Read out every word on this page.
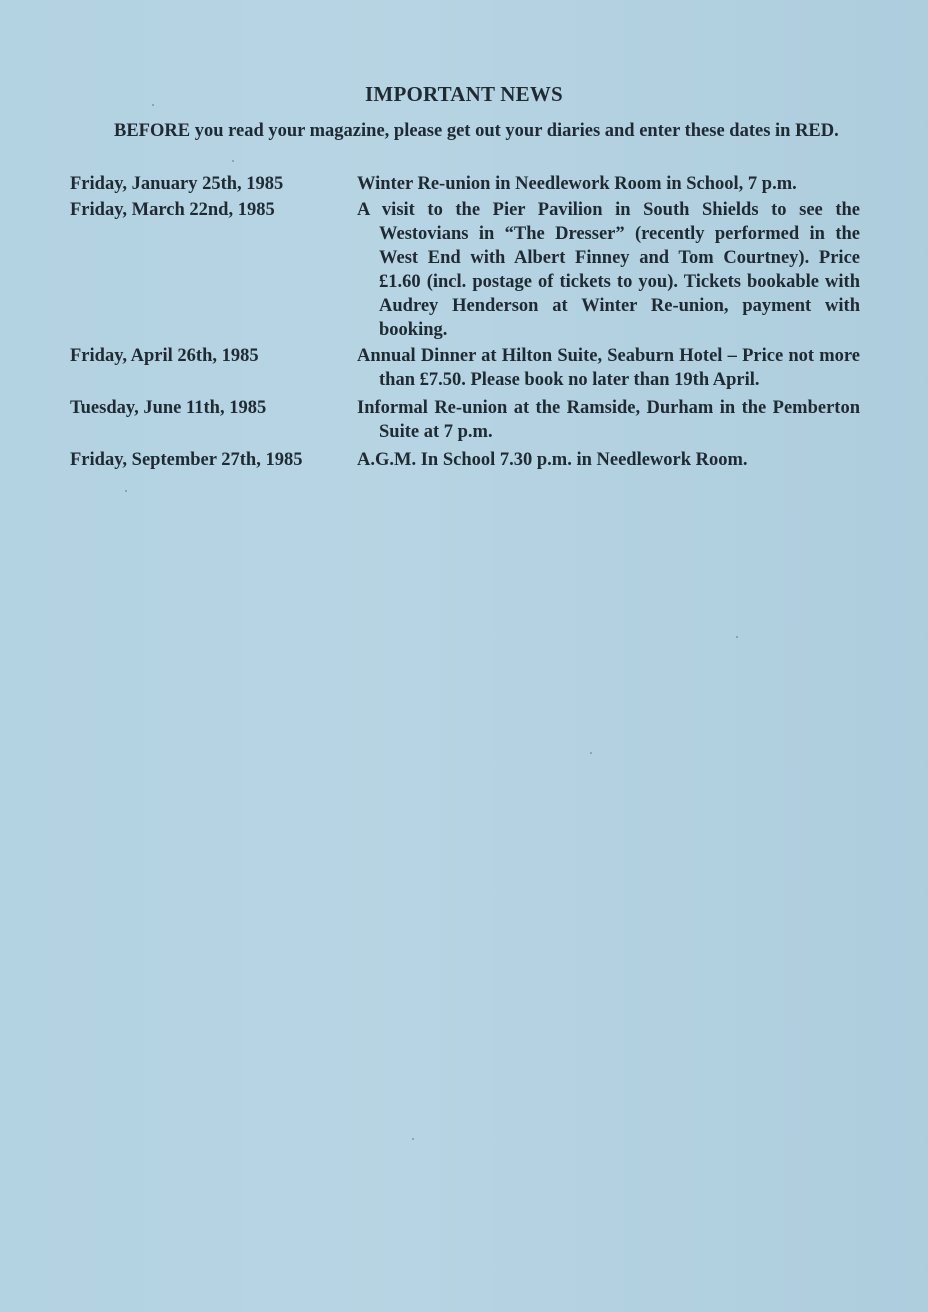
IMPORTANT NEWS
BEFORE you read your magazine, please get out your diaries and enter these dates in RED.
Friday, January 25th, 1985	Winter Re-union in Needlework Room in School, 7 p.m.
Friday, March 22nd, 1985	A visit to the Pier Pavilion in South Shields to see the Westovians in “The Dresser” (recently performed in the West End with Albert Finney and Tom Courtney). Price £1.60 (incl. postage of tickets to you). Tickets bookable with Audrey Henderson at Winter Re-union, payment with booking.
Friday, April 26th, 1985	Annual Dinner at Hilton Suite, Seaburn Hotel – Price not more than £7.50. Please book no later than 19th April.
Tuesday, June 11th, 1985	Informal Re-union at the Ramside, Durham in the Pemberton Suite at 7 p.m.
Friday, September 27th, 1985	A.G.M. In School 7.30 p.m. in Needlework Room.
